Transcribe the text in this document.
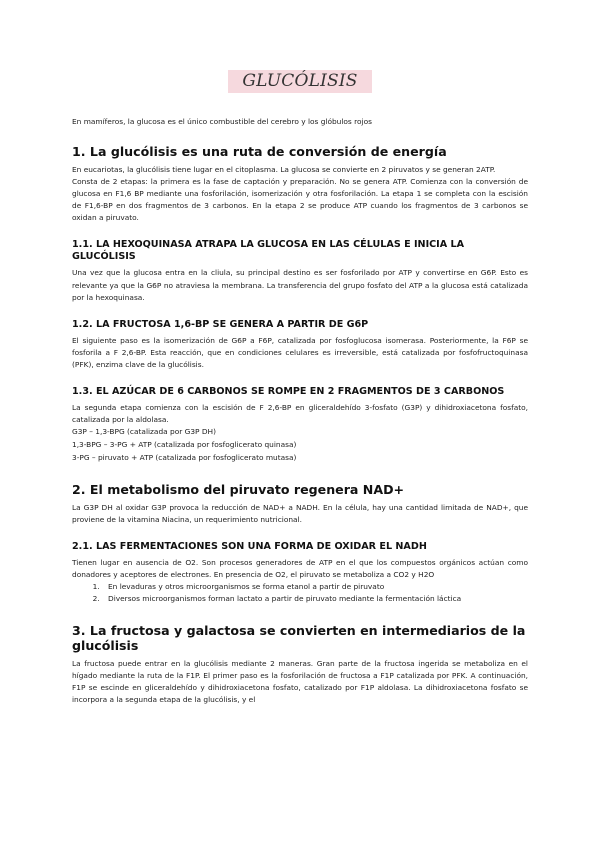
GLUCÓLISIS
En mamíferos, la glucosa es el único combustible del cerebro y los glóbulos rojos
1. La glucólisis es una ruta de conversión de energía

En eucariotas, la glucólisis tiene lugar en el citoplasma. La glucosa se convierte en 2 piruvatos y se generan 2ATP.

Consta de 2 etapas: la primera es la fase de captación y preparación. No se genera ATP. Comienza con la conversión de glucosa en F1,6 BP mediante una fosforilación, isomerización y otra fosforilación. La etapa 1 se completa con la escisión de F1,6-BP en dos fragmentos de 3 carbonos. En la etapa 2 se produce ATP cuando los fragmentos de 3 carbonos se oxidan a piruvato.

1.1. LA HEXOQUINASA ATRAPA LA GLUCOSA EN LAS CÉLULAS E INICIA LA GLUCÓLISIS

Una vez que la glucosa entra en la cliula, su principal destino es ser fosforilado por ATP y convertirse en G6P. Esto es relevante ya que la G6P no atraviesa la membrana. La transferencia del grupo fosfato del ATP a la glucosa está catalizada por la hexoquinasa.

1.2. LA FRUCTOSA 1,6-BP SE GENERA A PARTIR DE G6P

El siguiente paso es la isomerización de G6P a F6P, catalizada por fosfoglucosa isomerasa. Posteriormente, la F6P se fosforila a F 2,6-BP. Esta reacción, que en condiciones celulares es irreversible, está catalizada por fosfofructoquinasa (PFK), enzima clave de la glucólisis.

1.3. EL AZÚCAR DE 6 CARBONOS SE ROMPE EN 2 FRAGMENTOS DE 3 CARBONOS

La segunda etapa comienza con la escisión de F 2,6-BP en gliceraldehído 3-fosfato (G3P) y dihidroxiacetona fosfato, catalizada por la aldolasa.

G3P – 1,3-BPG (catalizada por G3P DH)
1,3-BPG – 3-PG + ATP (catalizada por fosfoglicerato quinasa)
3-PG – piruvato + ATP (catalizada por fosfoglicerato mutasa)
2. El metabolismo del piruvato regenera NAD+

La G3P DH al oxidar G3P provoca la reducción de NAD+ a NADH. En la célula, hay una cantidad limitada de NAD+, que proviene de la vitamina Niacina, un requerimiento nutricional.

2.1. LAS FERMENTACIONES SON UNA FORMA DE OXIDAR EL NADH

Tienen lugar en ausencia de O2. Son procesos generadores de ATP en el que los compuestos orgánicos actúan como donadores y aceptores de electrones. En presencia de O2, el piruvato se metaboliza a CO2 y H2O

1. En levaduras y otros microorganismos se forma etanol a partir de piruvato
2. Diversos microorganismos forman lactato a partir de piruvato mediante la fermentación láctica
3. La fructosa y galactosa se convierten en intermediarios de la glucólisis

La fructosa puede entrar en la glucólisis mediante 2 maneras. Gran parte de la fructosa ingerida se metaboliza en el hígado mediante la ruta de la F1P. El primer paso es la fosforilación de fructosa a F1P catalizada por PFK. A continuación, F1P se escinde en gliceraldehído y dihidroxiacetona fosfato, catalizado por F1P aldolasa. La dihidroxiacetona fosfato se incorpora a la segunda etapa de la glucólisis, y el
